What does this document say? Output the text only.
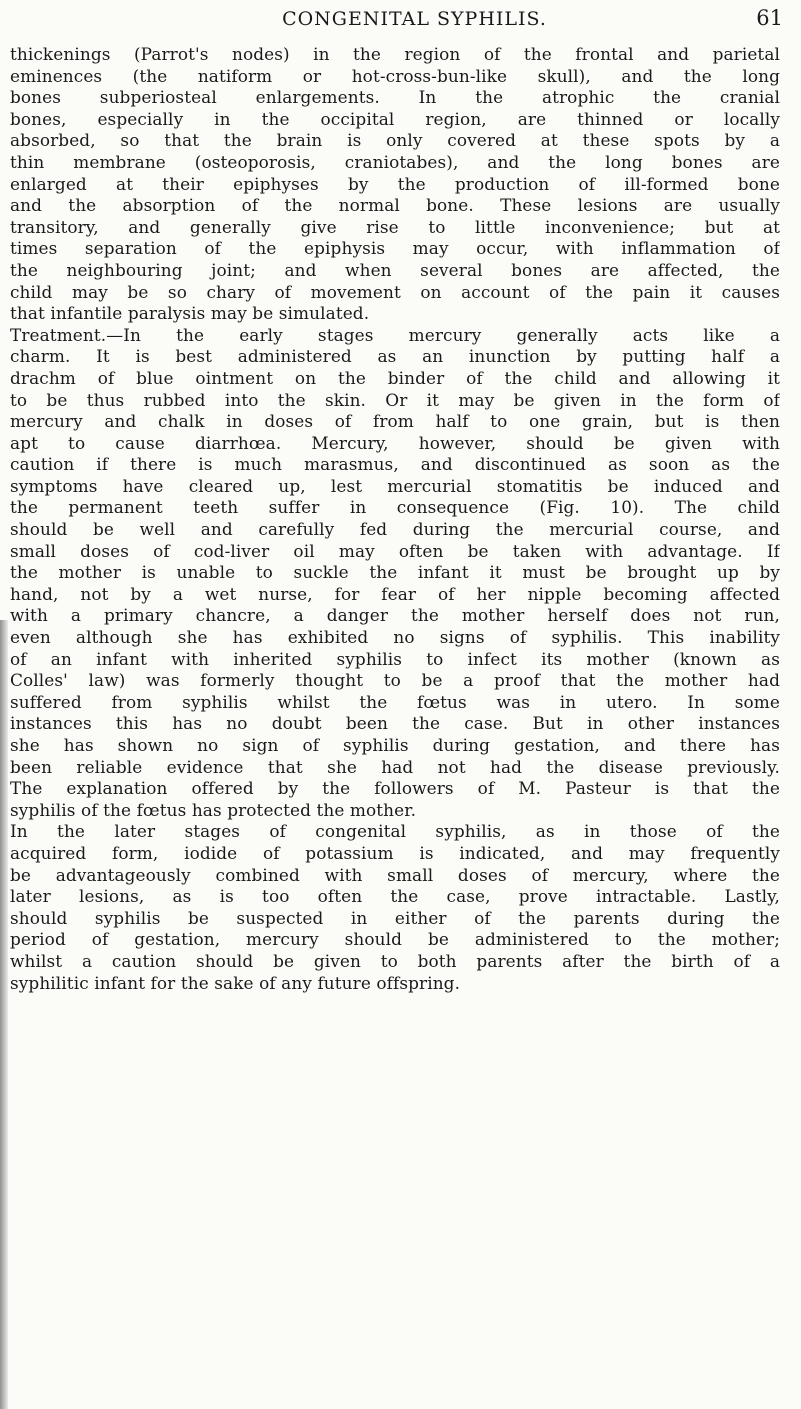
CONGENITAL SYPHILIS.	61
thickenings (Parrot's nodes) in the region of the frontal and parietal
eminences (the natiform or hot-cross-bun-like skull), and the long
bones subperiosteal enlargements. In the atrophic the cranial
bones, especially in the occipital region, are thinned or locally
absorbed, so that the brain is only covered at these spots by a
thin membrane (osteoporosis, craniotabes), and the long bones are
enlarged at their epiphyses by the production of ill-formed bone
and the absorption of the normal bone. These lesions are usually
transitory, and generally give rise to little inconvenience; but at
times separation of the epiphysis may occur, with inflammation of
the neighbouring joint; and when several bones are affected, the
child may be so chary of movement on account of the pain it causes
that infantile paralysis may be simulated.
Treatment.—In the early stages mercury generally acts like a
charm. It is best administered as an inunction by putting half a
drachm of blue ointment on the binder of the child and allowing it
to be thus rubbed into the skin. Or it may be given in the form of
mercury and chalk in doses of from half to one grain, but is then
apt to cause diarrhœa. Mercury, however, should be given with
caution if there is much marasmus, and discontinued as soon as the
symptoms have cleared up, lest mercurial stomatitis be induced and
the permanent teeth suffer in consequence (Fig. 10). The child
should be well and carefully fed during the mercurial course, and
small doses of cod-liver oil may often be taken with advantage. If
the mother is unable to suckle the infant it must be brought up by
hand, not by a wet nurse, for fear of her nipple becoming affected
with a primary chancre, a danger the mother herself does not run,
even although she has exhibited no signs of syphilis. This inability
of an infant with inherited syphilis to infect its mother (known as
Colles' law) was formerly thought to be a proof that the mother had
suffered from syphilis whilst the fœtus was in utero. In some
instances this has no doubt been the case. But in other instances
she has shown no sign of syphilis during gestation, and there has
been reliable evidence that she had not had the disease previously.
The explanation offered by the followers of M. Pasteur is that the
syphilis of the fœtus has protected the mother.
In the later stages of congenital syphilis, as in those of the
acquired form, iodide of potassium is indicated, and may frequently
be advantageously combined with small doses of mercury, where the
later lesions, as is too often the case, prove intractable. Lastly,
should syphilis be suspected in either of the parents during the
period of gestation, mercury should be administered to the mother;
whilst a caution should be given to both parents after the birth of a
syphilitic infant for the sake of any future offspring.
